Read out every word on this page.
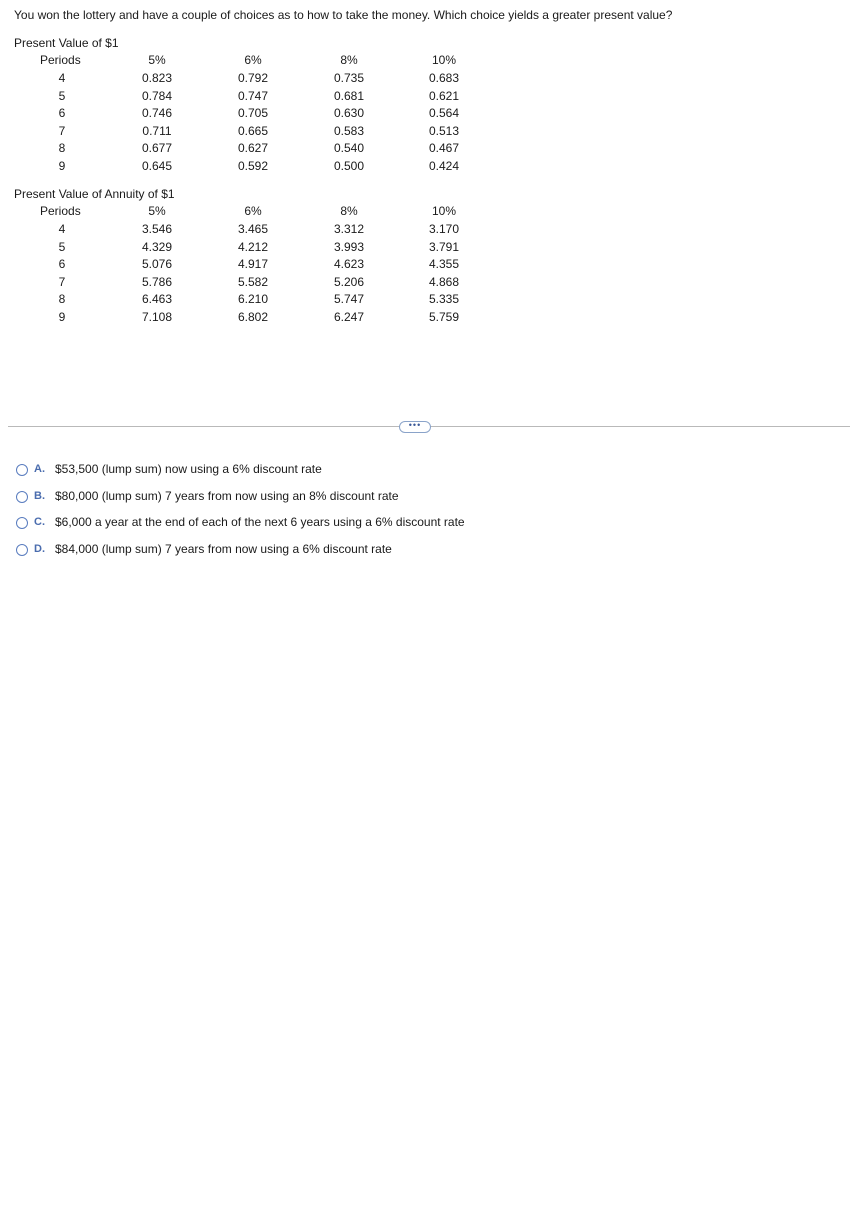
You won the lottery and have a couple of choices as to how to take the money. Which choice yields a greater present value?
Present Value of $1
Periods	5%	6%	8%	10%
4	0.823	0.792	0.735	0.683
5	0.784	0.747	0.681	0.621
6	0.746	0.705	0.630	0.564
7	0.711	0.665	0.583	0.513
8	0.677	0.627	0.540	0.467
9	0.645	0.592	0.500	0.424
Present Value of Annuity of $1
Periods	5%	6%	8%	10%
4	3.546	3.465	3.312	3.170
5	4.329	4.212	3.993	3.791
6	5.076	4.917	4.623	4.355
7	5.786	5.582	5.206	4.868
8	6.463	6.210	5.747	5.335
9	7.108	6.802	6.247	5.759
•••
A. $53,500 (lump sum) now using a 6% discount rate
B. $80,000 (lump sum) 7 years from now using an 8% discount rate
C. $6,000 a year at the end of each of the next 6 years using a 6% discount rate
D. $84,000 (lump sum) 7 years from now using a 6% discount rate
